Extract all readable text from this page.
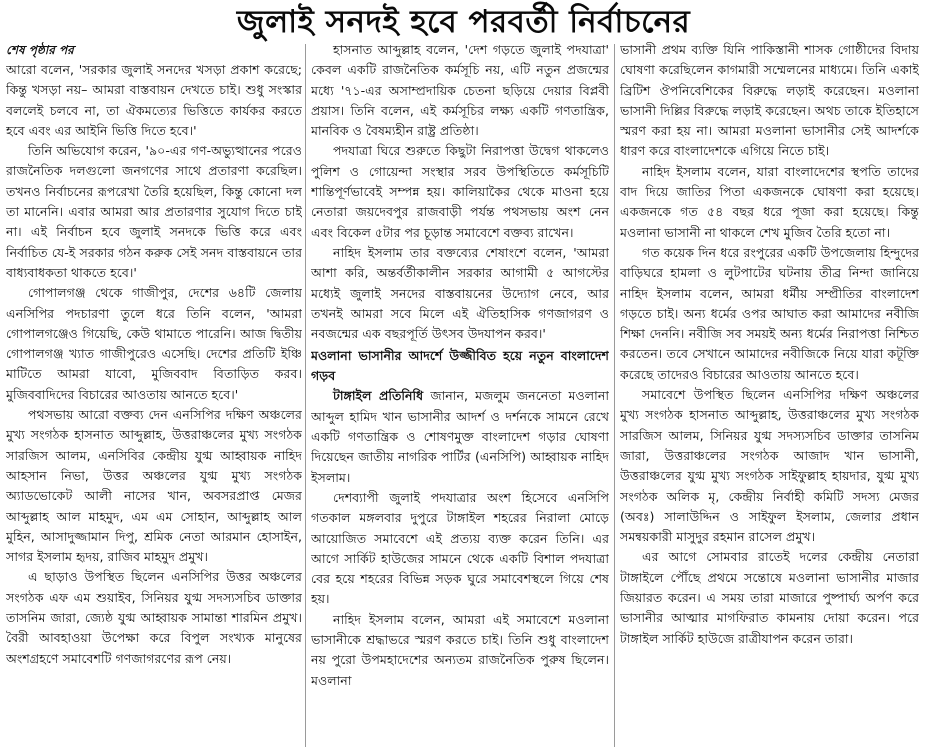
জুলাই সনদই হবে পরবর্তী নির্বাচনের

শেষ পৃষ্ঠার পর

আরো বলেন, 'সরকার জুলাই সনদের খসড়া প্রকাশ করেছে; কিন্তু খসড়া নয়– আমরা বাস্তবায়ন দেখতে চাই। শুধু সংস্কার বললেই চলবে না, তা ঐকমত্যের ভিত্তিতে কার্যকর করতে হবে এবং এর আইনি ভিত্তি দিতে হবে।'

তিনি অভিযোগ করেন, '৯০-এর গণ-অভ্যুত্থানের পরেও রাজনৈতিক দলগুলো জনগণের সাথে প্রতারণা করেছিল। তখনও নির্বাচনের রূপরেখা তৈরি হয়েছিল, কিন্তু কোনো দল তা মানেনি। এবার আমরা আর প্রতারণার সুযোগ দিতে চাই না। এই নির্বাচন হবে জুলাই সনদকে ভিত্তি করে এবং নির্বাচিত যে-ই সরকার গঠন করুক সেই সনদ বাস্তবায়নে তার বাধ্যবাধকতা থাকতে হবে।'

গোপালগঞ্জ থেকে গাজীপুর, দেশের ৬৪টি জেলায় এনসিপির পদচারণা তুলে ধরে তিনি বলেন, 'আমরা গোপালগঞ্জেও গিয়েছি, কেউ থামাতে পারেনি। আজ দ্বিতীয় গোপালগঞ্জ খ্যাত গাজীপুরেও এসেছি। দেশের প্রতিটি ইঞ্চি মাটিতে আমরা যাবো, মুজিববাদ বিতাড়িত করব। মুজিববাদিদের বিচারের আওতায় আনতে হবে।'

পথসভায় আরো বক্তব্য দেন এনসিপির দক্ষিণ অঞ্চলের মুখ্য সংগঠক হাসনাত আব্দুল্লাহ, উত্তরাঞ্চলের মুখ্য সংগঠক সারজিস আলম, এনসিবির কেন্দ্রীয় যুগ্ম আহ্বায়ক নাহিদ আহসান নিভা, উত্তর অঞ্চলের যুগ্ম মুখ্য সংগঠক অ্যাডভোকেট আলী নাসের খান, অবসরপ্রাপ্ত মেজর আব্দুল্লাহ আল মাহমুদ, এম এম সোহান, আব্দুল্লাহ আল মুহিন, আসাদুজ্জামান দিপু, শ্রমিক নেতা আরমান হোসাইন, সাগর ইসলাম হৃদয়, রাজিব মাহমুদ প্রমুখ।

এ ছাড়াও উপস্থিত ছিলেন এনসিপির উত্তর অঞ্চলের সংগঠক এফ এম শুয়াইব, সিনিয়র যুগ্ম সদস্যসচিব ডাক্তার তাসনিম জারা, জ্যেষ্ঠ যুগ্ম আহ্বায়ক সামান্তা শারমিন প্রমুখ। বৈরী আবহাওয়া উপেক্ষা করে বিপুল সংখ্যক মানুষের অংশগ্রহণে সমাবেশটি গণজাগরণের রূপ নেয়।

হাসনাত আব্দুল্লাহ বলেন, 'দেশ গড়তে জুলাই পদযাত্রা' কেবল একটি রাজনৈতিক কর্মসূচি নয়, এটি নতুন প্রজন্মের মধ্যে '৭১-এর অসাম্প্রদায়িক চেতনা ছড়িয়ে দেয়ার বিপ্লবী প্রয়াস। তিনি বলেন, এই কর্মসূচির লক্ষ্য একটি গণতান্ত্রিক, মানবিক ও বৈষম্যহীন রাষ্ট্র প্রতিষ্ঠা।

পদযাত্রা ঘিরে শুরুতে কিছুটা নিরাপত্তা উদ্বেগ থাকলেও পুলিশ ও গোয়েন্দা সংস্থার সরব উপস্থিতিতে কর্মসূচিটি শান্তিপূর্ণভাবেই সম্পন্ন হয়। কালিয়াকৈর থেকে মাওনা হয়ে নেতারা জয়দেবপুর রাজবাড়ী পর্যন্ত পথসভায় অংশ নেন এবং বিকেল ৫টার পর চূড়ান্ত সমাবেশে বক্তব্য রাখেন।

নাহিদ ইসলাম তার বক্তব্যের শেষাংশে বলেন, 'আমরা আশা করি, অন্তর্বর্তীকালীন সরকার আগামী ৫ আগস্টের মধ্যেই জুলাই সনদের বাস্তবায়নের উদ্যোগ নেবে, আর তখনই আমরা সবে মিলে এই ঐতিহাসিক গণজাগরণ ও নবজন্মের এক বছরপূর্তি উৎসব উদযাপন করব।'

মওলানা ভাসানীর আদর্শে উজ্জীবিত হয়ে নতুন বাংলাদেশ গড়ব

টাঙ্গাইল প্রতিনিধি জানান, মজলুম জননেতা মওলানা আব্দুল হামিদ খান ভাসানীর আদর্শ ও দর্শনকে সামনে রেখে একটি গণতান্ত্রিক ও শোষণমুক্ত বাংলাদেশ গড়ার ঘোষণা দিয়েছেন জাতীয় নাগরিক পার্টির (এনসিপি) আহ্বায়ক নাহিদ ইসলাম।

দেশব্যাপী জুলাই পদযাত্রার অংশ হিসেবে এনসিপি গতকাল মঙ্গলবার দুপুরে টাঙ্গাইল শহরের নিরালা মোড়ে আয়োজিত সমাবেশে এই প্রত্যয় ব্যক্ত করেন তিনি। এর আগে সার্কিট হাউজের সামনে থেকে একটি বিশাল পদযাত্রা বের হয়ে শহরের বিভিন্ন সড়ক ঘুরে সমাবেশস্থলে গিয়ে শেষ হয়।

নাহিদ ইসলাম বলেন, আমরা এই সমাবেশে মওলানা ভাসানীকে শ্রদ্ধাভরে স্মরণ করতে চাই। তিনি শুধু বাংলাদেশ নয় পুরো উপমহাদেশের অন্যতম রাজনৈতিক পুরুষ ছিলেন। মওলানা

ভাসানী প্রথম ব্যক্তি যিনি পাকিস্তানী শাসক গোষ্ঠীদের বিদায় ঘোষণা করেছিলেন কাগমারী সম্মেলনের মাধ্যমে। তিনি একাই ব্রিটিশ ঔপনিবেশিকের বিরুদ্ধে লড়াই করেছেন। মওলানা ভাসানী দিল্লির বিরুদ্ধে লড়াই করেছেন। অথচ তাকে ইতিহাসে স্মরণ করা হয় না। আমরা মওলানা ভাসানীর সেই আদর্শকে ধারণ করে বাংলাদেশকে এগিয়ে নিতে চাই।

নাহিদ ইসলাম বলেন, যারা বাংলাদেশের স্থপতি তাদের বাদ দিয়ে জাতির পিতা একজনকে ঘোষণা করা হয়েছে। একজনকে গত ৫৪ বছর ধরে পূজা করা হয়েছে। কিন্তু মওলানা ভাসানী না থাকলে শেখ মুজিব তৈরি হতো না।

গত কয়েক দিন ধরে রংপুরের একটি উপজেলায় হিন্দুদের বাড়িঘরে হামলা ও লুটপাটের ঘটনায় তীব্র নিন্দা জানিয়ে নাহিদ ইসলাম বলেন, আমরা ধর্মীয় সম্প্রীতির বাংলাদেশ গড়তে চাই। অন্য ধর্মের ওপর আঘাত করা আমাদের নবীজি শিক্ষা দেননি। নবীজি সব সময়ই অন্য ধর্মের নিরাপত্তা নিশ্চিত করতেন। তবে সেখানে আমাদের নবীজিকে নিয়ে যারা কটূক্তি করেছে তাদেরও বিচারের আওতায় আনতে হবে।

সমাবেশে উপস্থিত ছিলেন এনসিপির দক্ষিণ অঞ্চলের মুখ্য সংগঠক হাসনাত আব্দুল্লাহ, উত্তরাঞ্চলের মুখ্য সংগঠক সারজিস আলম, সিনিয়র যুগ্ম সদস্যসচিব ডাক্তার তাসনিম জারা, উত্তরাঞ্চলের সংগঠক আজাদ খান ভাসানী, উত্তরাঞ্চলের যুগ্ম মুখ্য সংগঠক সাইফুল্লাহ হায়দার, যুগ্ম মুখ্য সংগঠক অলিক মৃ, কেন্দ্রীয় নির্বাহী কমিটি সদস্য মেজর (অবঃ) সালাউদ্দিন ও সাইফুল ইসলাম, জেলার প্রধান সমন্বয়কারী মাসুদুর রহমান রাসেল প্রমুখ।

এর আগে সোমবার রাতেই দলের কেন্দ্রীয় নেতারা টাঙ্গাইলে পৌঁছে প্রথমে সন্তোষে মওলানা ভাসানীর মাজার জিয়ারত করেন। এ সময় তারা মাজারে পুষ্পার্ঘ্য অর্পণ করে ভাসানীর আত্মার মাগফিরাত কামনায় দোয়া করেন। পরে টাঙ্গাইল সার্কিট হাউজে রাত্রীযাপন করেন তারা।
